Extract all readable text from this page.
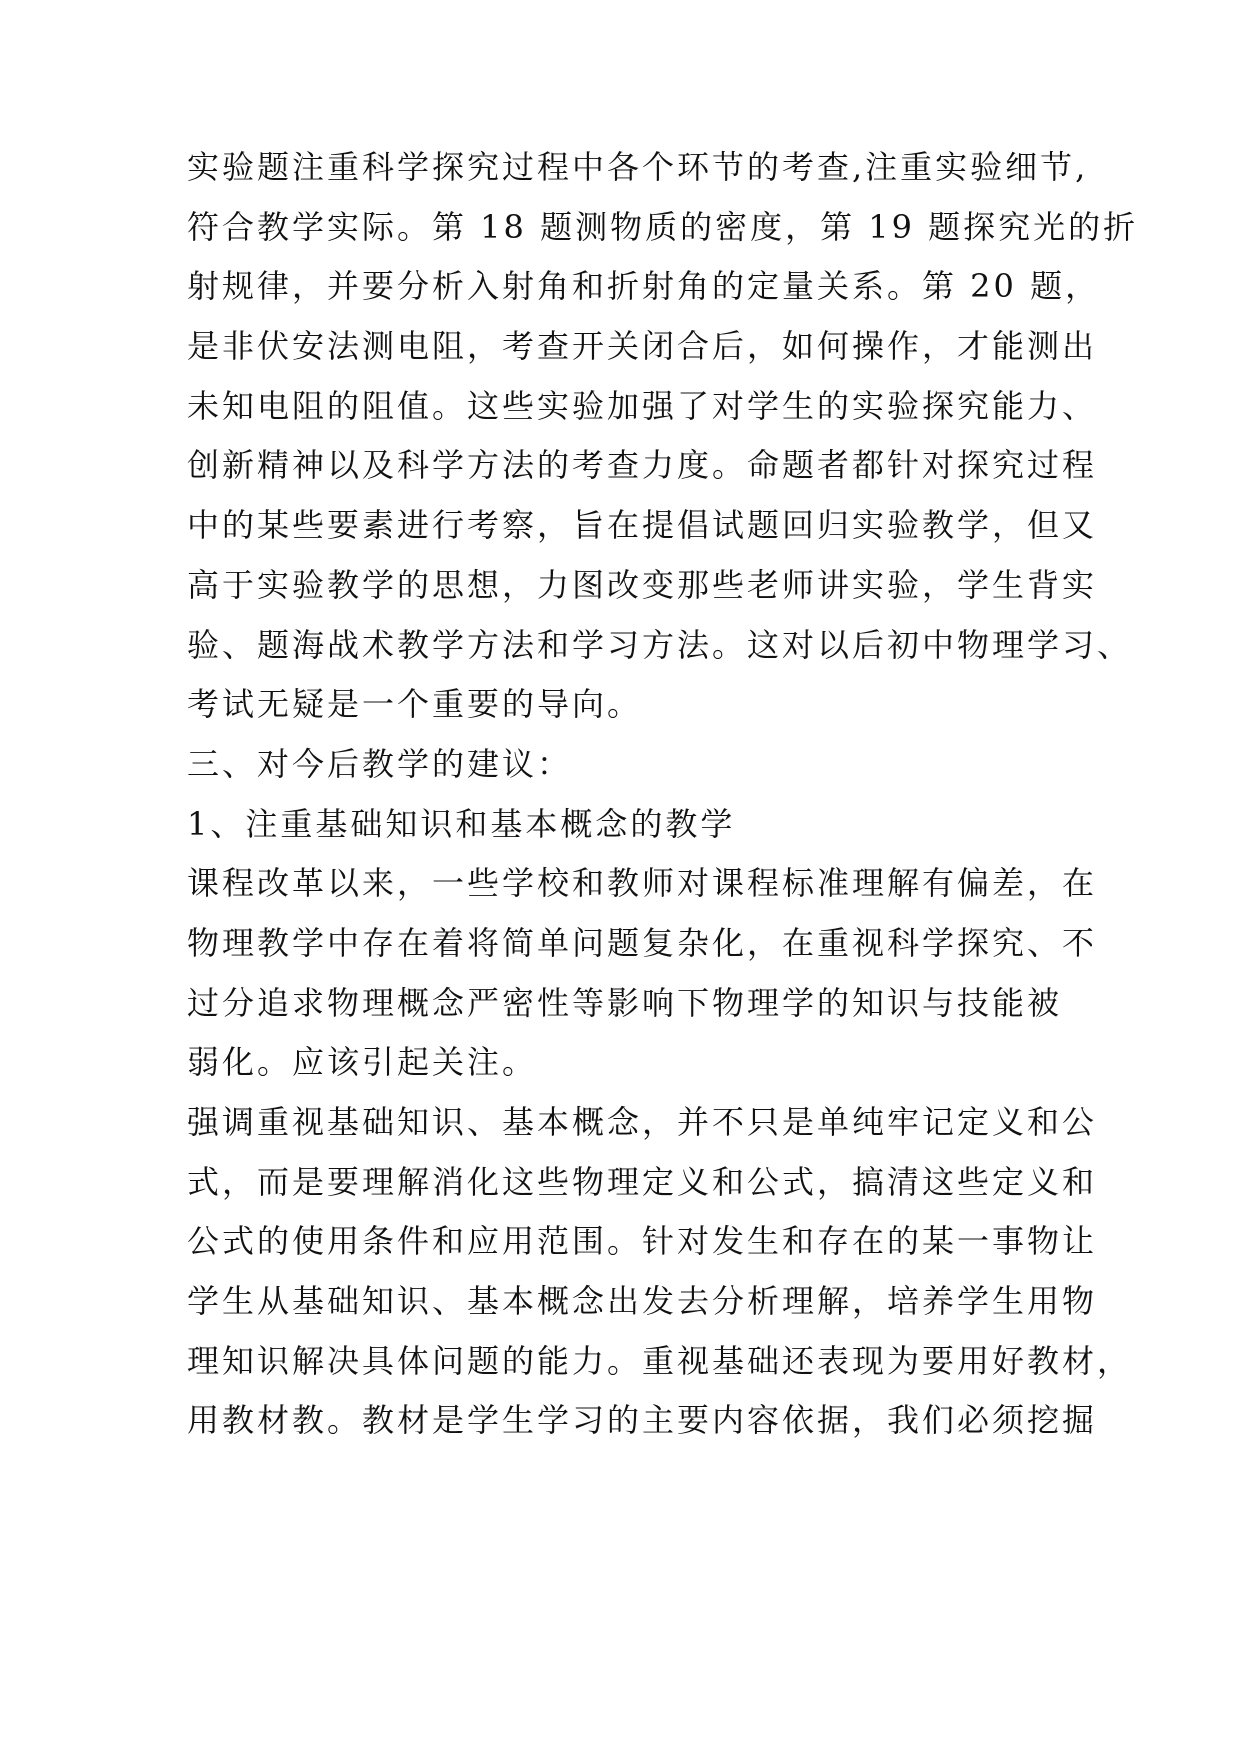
实验题注重科学探究过程中各个环节的考查,注重实验细节,
符合教学实际。第 18 题测物质的密度，第 19 题探究光的折
射规律，并要分析入射角和折射角的定量关系。第 20 题，
是非伏安法测电阻，考查开关闭合后，如何操作，才能测出
未知电阻的阻值。这些实验加强了对学生的实验探究能力、
创新精神以及科学方法的考查力度。命题者都针对探究过程
中的某些要素进行考察，旨在提倡试题回归实验教学，但又
高于实验教学的思想，力图改变那些老师讲实验，学生背实
验、题海战术教学方法和学习方法。这对以后初中物理学习、
考试无疑是一个重要的导向。
三、对今后教学的建议：
1、注重基础知识和基本概念的教学
课程改革以来，一些学校和教师对课程标准理解有偏差，在
物理教学中存在着将简单问题复杂化，在重视科学探究、不
过分追求物理概念严密性等影响下物理学的知识与技能被
弱化。应该引起关注。
强调重视基础知识、基本概念，并不只是单纯牢记定义和公
式，而是要理解消化这些物理定义和公式，搞清这些定义和
公式的使用条件和应用范围。针对发生和存在的某一事物让
学生从基础知识、基本概念出发去分析理解，培养学生用物
理知识解决具体问题的能力。重视基础还表现为要用好教材，
用教材教。教材是学生学习的主要内容依据，我们必须挖掘
